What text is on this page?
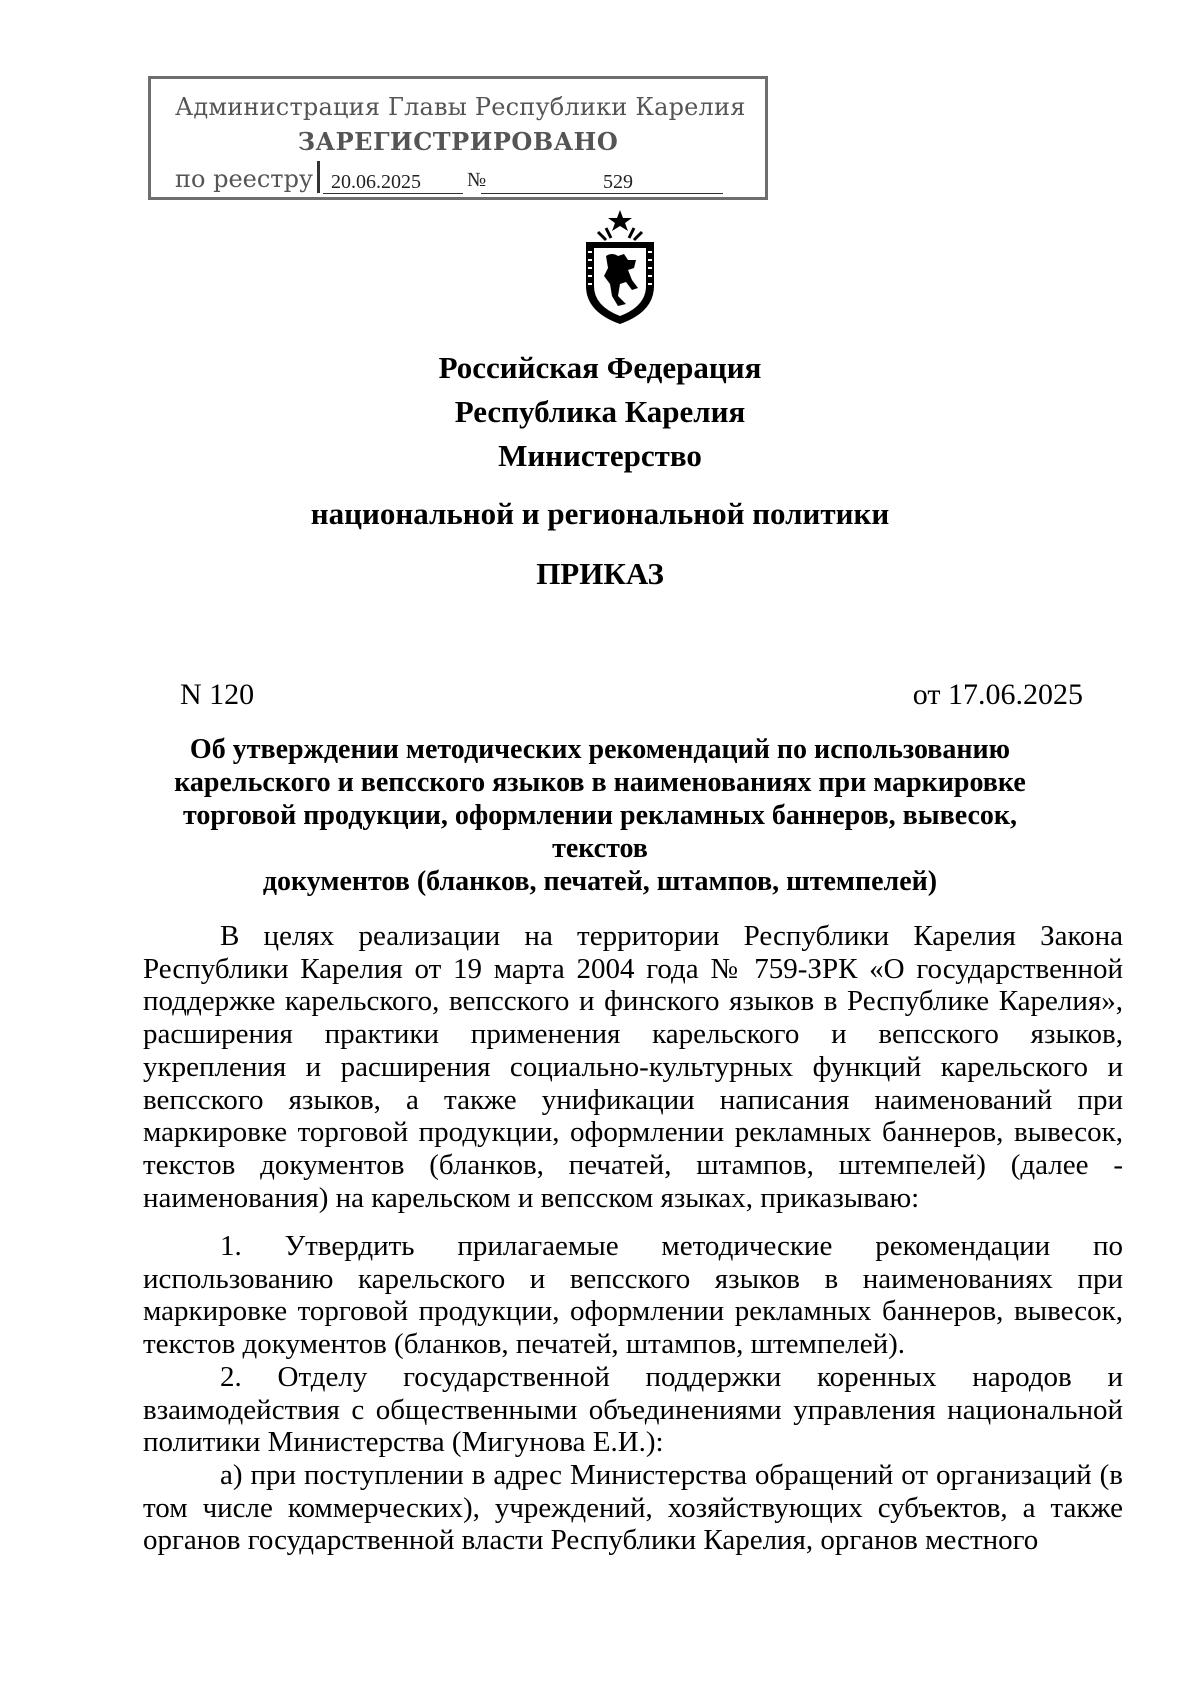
Администрация Главы Республики Карелия
ЗАРЕГИСТРИРОВАНО
по реестру 20.06.2025 №	529
Российская Федерация
Республика Карелия
Министерство
национальной и региональной политики
ПРИКАЗ
N 120	от 17.06.2025
Об утверждении методических рекомендаций по использованию
карельского и вепсского языков в наименованиях при маркировке
торговой продукции, оформлении рекламных баннеров, вывесок, текстов
документов (бланков, печатей, штампов, штемпелей)

В целях реализации на территории Республики Карелия Закона Республики Карелия от 19 марта 2004 года № 759-ЗРК «О государственной поддержке карельского, вепсского и финского языков в Республике Карелия», расширения практики применения карельского и вепсского языков, укрепления и расширения социально-культурных функций карельского и вепсского языков, а также унификации написания наименований при маркировке торговой продукции, оформлении рекламных баннеров, вывесок, текстов документов (бланков, печатей, штампов, штемпелей) (далее - наименования) на карельском и вепсском языках, приказываю:

1. Утвердить прилагаемые методические рекомендации по использованию карельского и вепсского языков в наименованиях при маркировке торговой продукции, оформлении рекламных баннеров, вывесок, текстов документов (бланков, печатей, штампов, штемпелей).

2. Отделу государственной поддержки коренных народов и взаимодействия с общественными объединениями управления национальной политики Министерства (Мигунова Е.И.):

а) при поступлении в адрес Министерства обращений от организаций (в том числе коммерческих), учреждений, хозяйствующих субъектов, а также органов государственной власти Республики Карелия, органов местного
